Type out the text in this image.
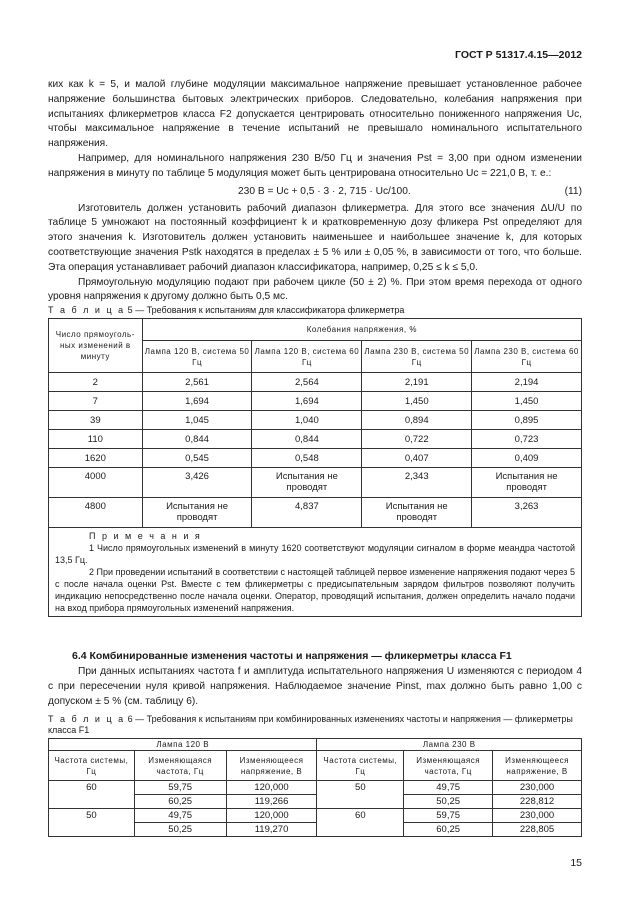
ГОСТ Р 51317.4.15—2012

ких как k = 5, и малой глубине модуляции максимальное напряжение превышает установленное рабочее напряжение большинства бытовых электрических приборов. Следовательно, колебания напряжения при испытаниях фликерметров класса F2 допускается центрировать относительно пониженного напряжения Uc, чтобы максимальное напряжение в течение испытаний не превышало номинального испытательного напряжения.

Например, для номинального напряжения 230 В/50 Гц и значения Pst = 3,00 при одном изменении напряжения в минуту по таблице 5 модуляция может быть центрирована относительно Uc = 221,0 В, т. е.:

230 В = Uc + 0,5 · 3 · 2, 715 · Uc/100.	(11)

Изготовитель должен установить рабочий диапазон фликерметра. Для этого все значения ΔU/U по таблице 5 умножают на постоянный коэффициент k и кратковременную дозу фликера Pst определяют для этого значения k. Изготовитель должен установить наименьшее и наибольшее значение k, для которых соответствующие значения Pstk находятся в пределах ± 5 % или ± 0,05 %, в зависимости от того, что больше. Эта операция устанавливает рабочий диапазон классификатора, например, 0,25 ≤ k ≤ 5,0.

Прямоугольную модуляцию подают при рабочем цикле (50 ± 2) %. При этом время перехода от одного уровня напряжения к другому должно быть 0,5 мс.

Т а б л и ц а 5 — Требования к испытаниям для классификатора фликерметра
Число прямоуголь-ных изменений в минуту	Колебания напряжения, %			
	Лампа 120 В, система 50 Гц	Лампа 120 В, система 60 Гц	Лампа 230 В, система 50 Гц	Лампа 230 В, система 60 Гц
2	2,561	2,564	2,191	2,194
7	1,694	1,694	1,450	1,450
39	1,045	1,040	0,894	0,895
110	0,844	0,844	0,722	0,723
1620	0,545	0,548	0,407	0,409
4000	3,426	Испытания не проводят	2,343	Испытания не проводят
4800	Испытания не проводят	4,837	Испытания не проводят	3,263

П р и м е ч а н и я

1 Число прямоугольных изменений в минуту 1620 соответствуют модуляции сигналом в форме меандра частотой 13,5 Гц.

2 При проведении испытаний в соответствии с настоящей таблицей первое изменение напряжения подают через 5 с после начала оценки Pst. Вместе с тем фликерметры с предисыпательным зарядом фильтров позволяют получить индикацию непосредственно после начала оценки. Оператор, проводящий испытания, должен определить начало подачи на вход прибора прямоугольных изменений напряжения.				

6.4 Комбинированные изменения частоты и напряжения — фликерметры класса F1

При данных испытаниях частота f и амплитуда испытательного напряжения U изменяются с периодом 4 с при пересечении нуля кривой напряжения. Наблюдаемое значение Pinst, max должно быть равно 1,00 с допуском ± 5 % (см. таблицу 6).

Т а б л и ц а 6 — Требования к испытаниям при комбинированных изменениях частоты и напряжения — фликерметры класса F1
Лампа 120 В			Лампа 230 В		
Частота системы, Гц	Изменяющаяся частота, Гц	Изменяющееся напряжение, В	Частота системы, Гц	Изменяющаяся частота, Гц	Изменяющееся напряжение, В
60	59,75	120,000	50	49,75	230,000
	60,25	119,266		50,25	228,812
50	49,75	120,000	60	59,75	230,000
	50,25	119,270		60,25	228,805
15
